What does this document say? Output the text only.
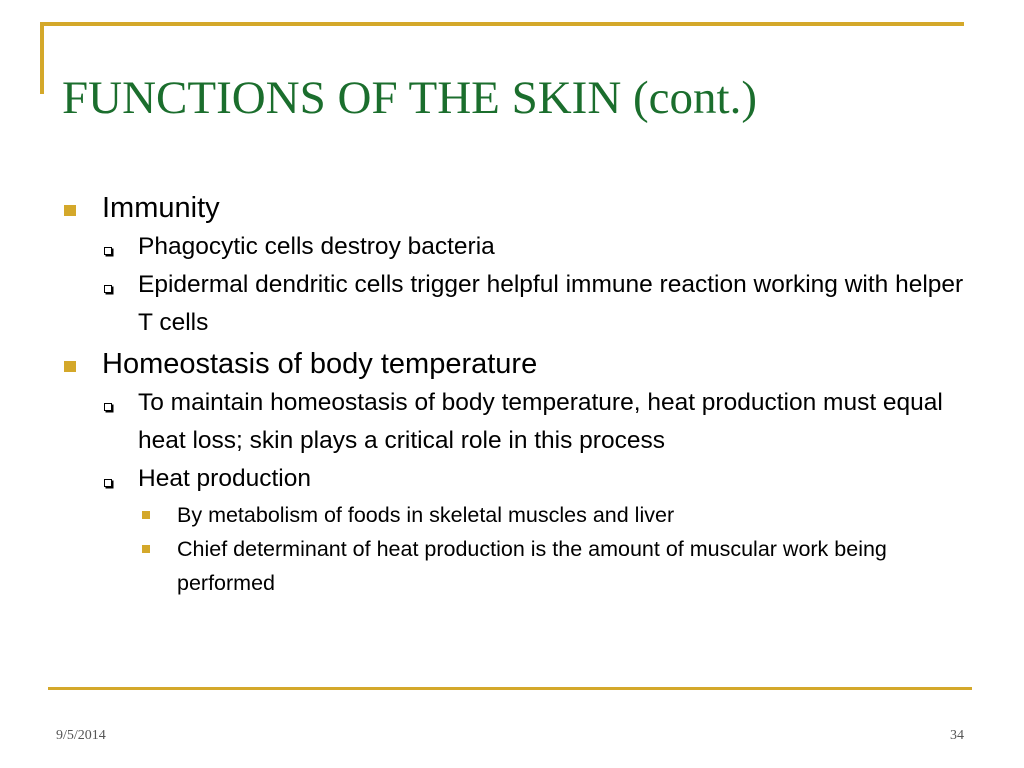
FUNCTIONS OF THE SKIN (cont.)
Immunity
Phagocytic cells destroy bacteria
Epidermal dendritic cells trigger helpful immune reaction working with helper T cells
Homeostasis of body temperature
To maintain homeostasis of body temperature, heat production must equal heat loss; skin plays a critical role in this process
Heat production
By metabolism of foods in skeletal muscles and liver
Chief determinant of heat production is the amount of muscular work being performed
9/5/2014	34
